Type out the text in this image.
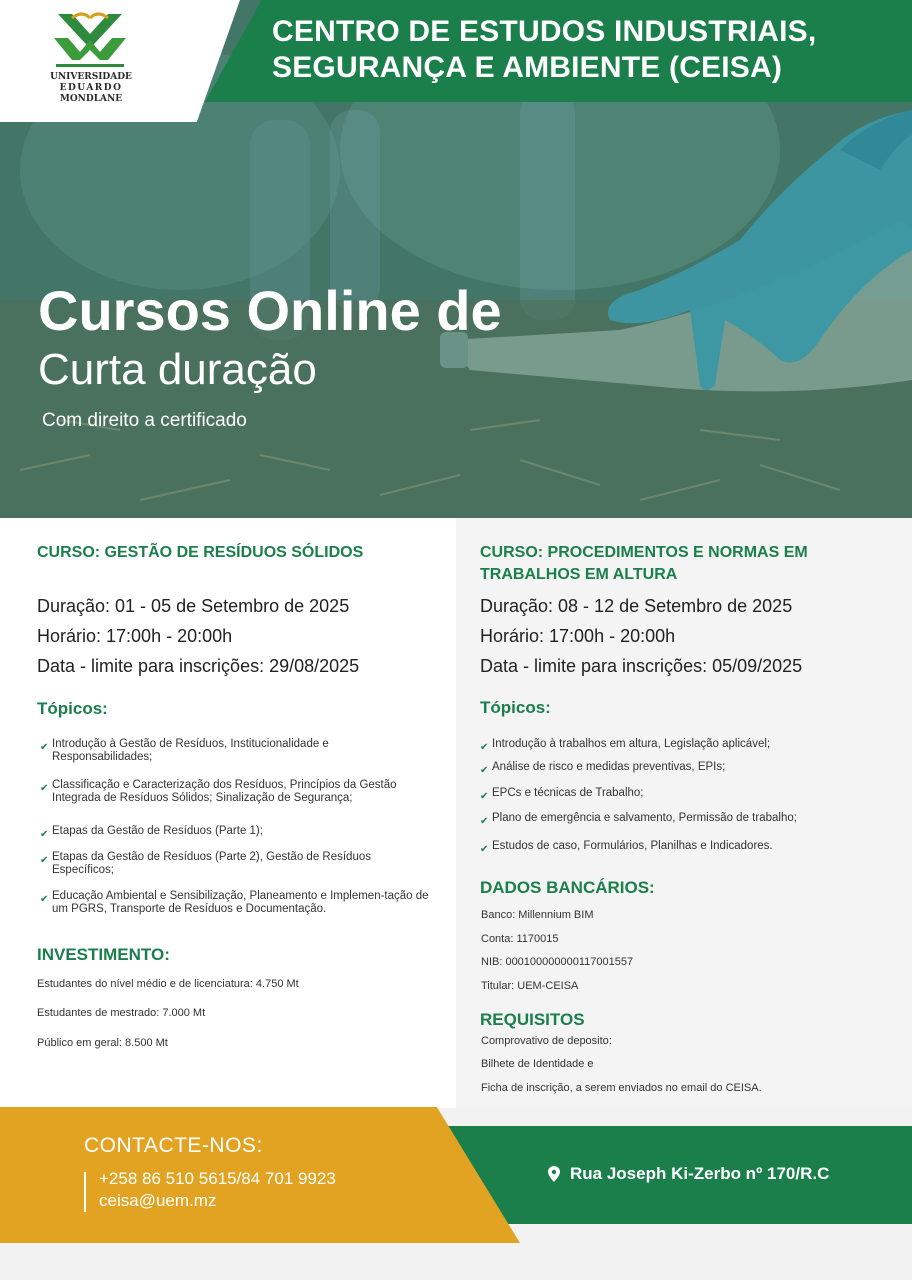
UNIVERSIDADE
EDUARDO
MONDLANE
CENTRO DE ESTUDOS INDUSTRIAIS,
SEGURANÇA E AMBIENTE (CEISA)
Cursos Online de
Curta duração
Com direito a certificado
CURSO: GESTÃO DE RESÍDUOS SÓLIDOS
Duração: 01 - 05 de Setembro de 2025
Horário: 17:00h - 20:00h
Data - limite para inscrições: 29/08/2025
Tópicos:
✔ Introdução à Gestão de Resíduos, Institucionalidade e Responsabilidades;
✔ Classificação e Caracterização dos Resíduos, Princípios da Gestão Integrada de Resíduos Sólidos; Sinalização de Segurança;
✔ Etapas da Gestão de Resíduos (Parte 1);
✔ Etapas da Gestão de Resíduos (Parte 2), Gestão de Resíduos Específicos;
✔ Educação Ambiental e Sensibilização, Planeamento e Implemen-tação de um PGRS, Transporte de Resíduos e Documentação.
INVESTIMENTO:
Estudantes do nível médio e de licenciatura: 4.750 Mt
Estudantes de mestrado: 7.000 Mt
Público em geral: 8.500 Mt
CURSO: PROCEDIMENTOS E NORMAS EM
TRABALHOS EM ALTURA
Duração: 08 - 12 de Setembro de 2025
Horário: 17:00h - 20:00h
Data - limite para inscrições: 05/09/2025
Tópicos:
✔ Introdução à trabalhos em altura, Legislação aplicável;
✔ Análise de risco e medidas preventivas, EPIs;
✔ EPCs e técnicas de Trabalho;
✔ Plano de emergência e salvamento, Permissão de trabalho;
✔ Estudos de caso, Formulários, Planilhas e Indicadores.
DADOS BANCÁRIOS:
Banco: Millennium BIM
Conta: 1170015
NIB: 000100000000117001557
Titular: UEM-CEISA
REQUISITOS
Comprovativo de deposito:
Bilhete de Identidade e
Ficha de inscrição, a serem enviados no email do CEISA.
CONTACTE-NOS:
+258 86 510 5615/84 701 9923
ceisa@uem.mz
Rua Joseph Ki-Zerbo nº 170/R.C
